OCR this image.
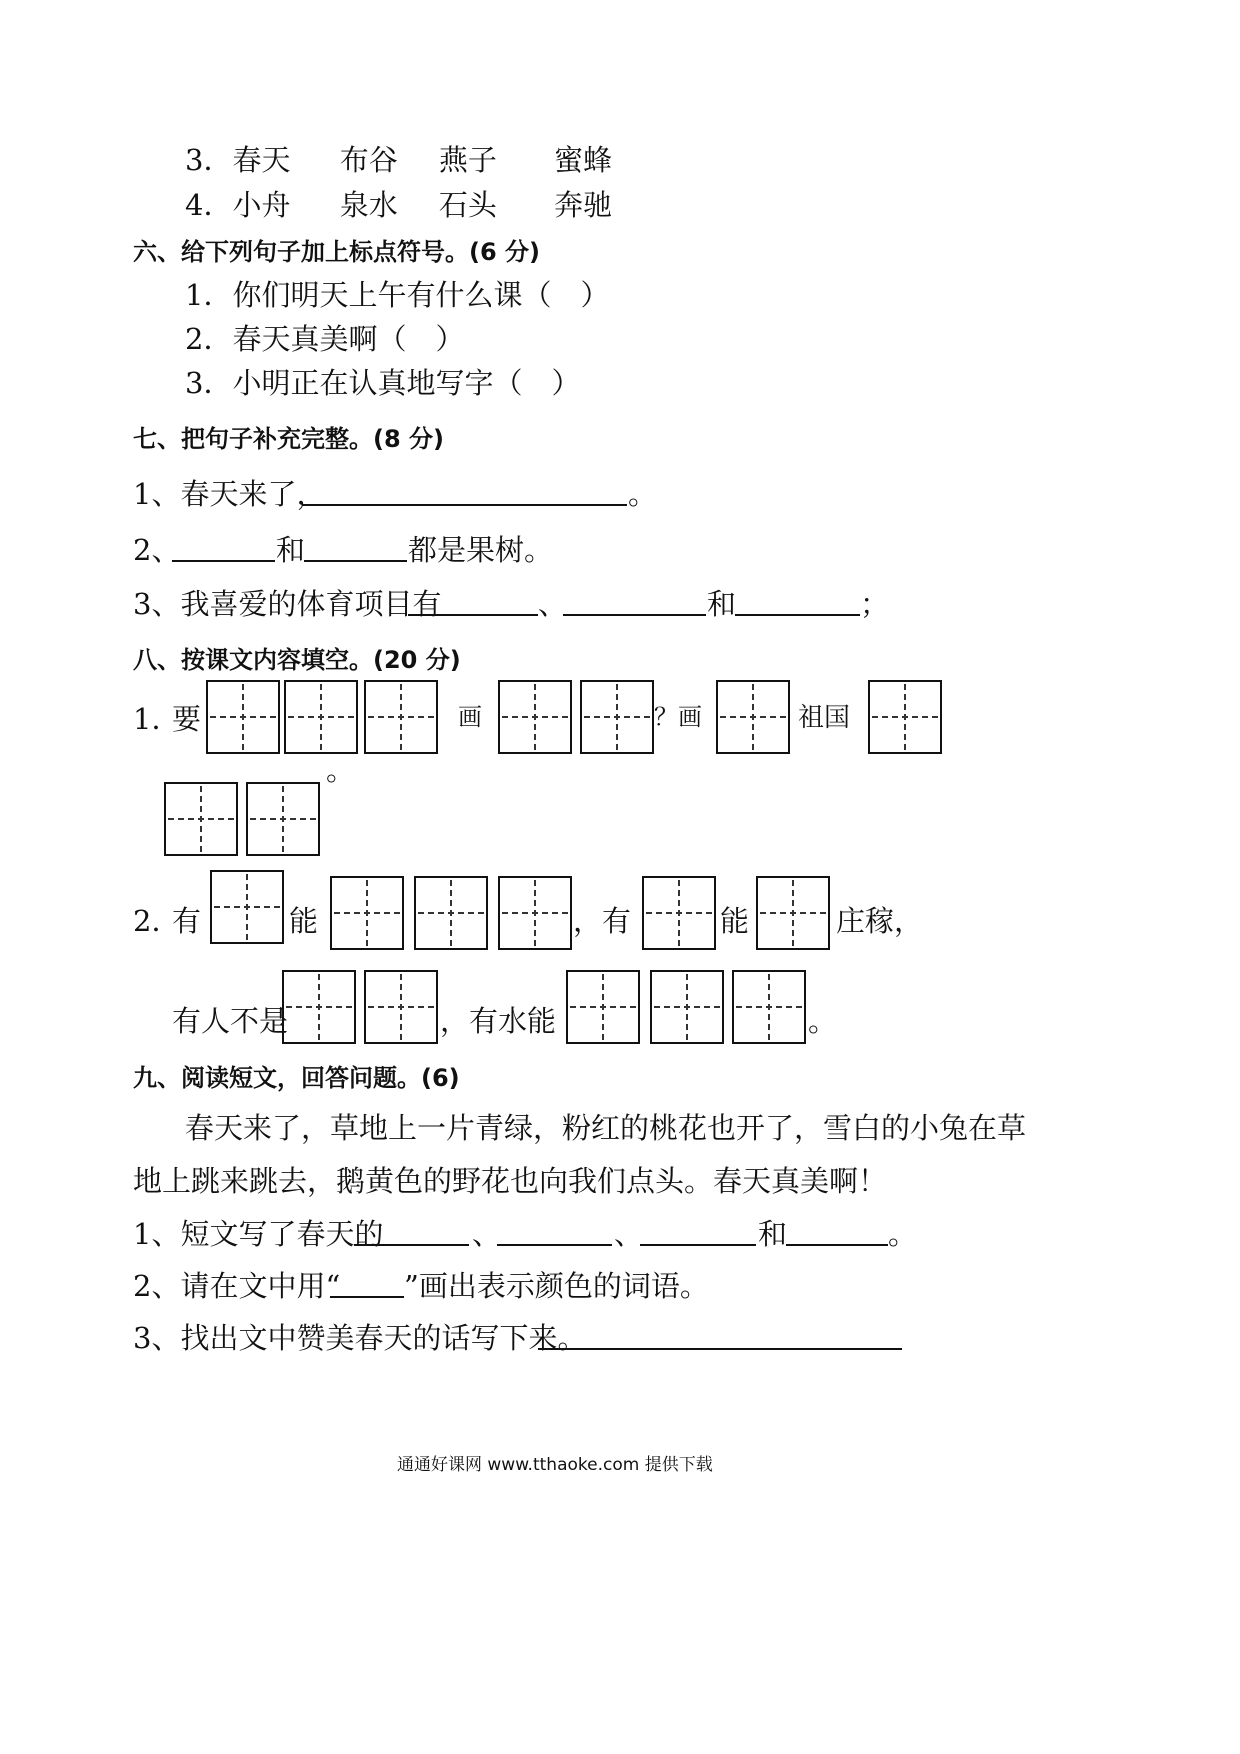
3．春天 布谷 燕子 蜜蜂
4．小舟 泉水 石头 奔驰
六、给下列句子加上标点符号。(6 分)
1．你们明天上午有什么课（　）
2．春天真美啊（　）
3．小明正在认真地写字（　）
七、把句子补充完整。(8 分)
1、春天来了，	。
2、	和	都是果树。
3、我喜爱的体育项目有	、	和	；
八、按课文内容填空。(20 分)
1．
要	画	？画	祖国
。
2．
有	能	，有	能	庄稼，
有人不是	，有水能	。
九、阅读短文，回答问题。(6)
春天来了，草地上一片青绿，粉红的桃花也开了，雪白的小兔在草
地上跳来跳去，鹅黄色的野花也向我们点头。春天真美啊！
1、短文写了春天的	、	、	和	。
2、请在文中用“ ”画出表示颜色的词语。
3、找出文中赞美春天的话写下来。
通通好课网 www.tthaoke.com 提供下载
